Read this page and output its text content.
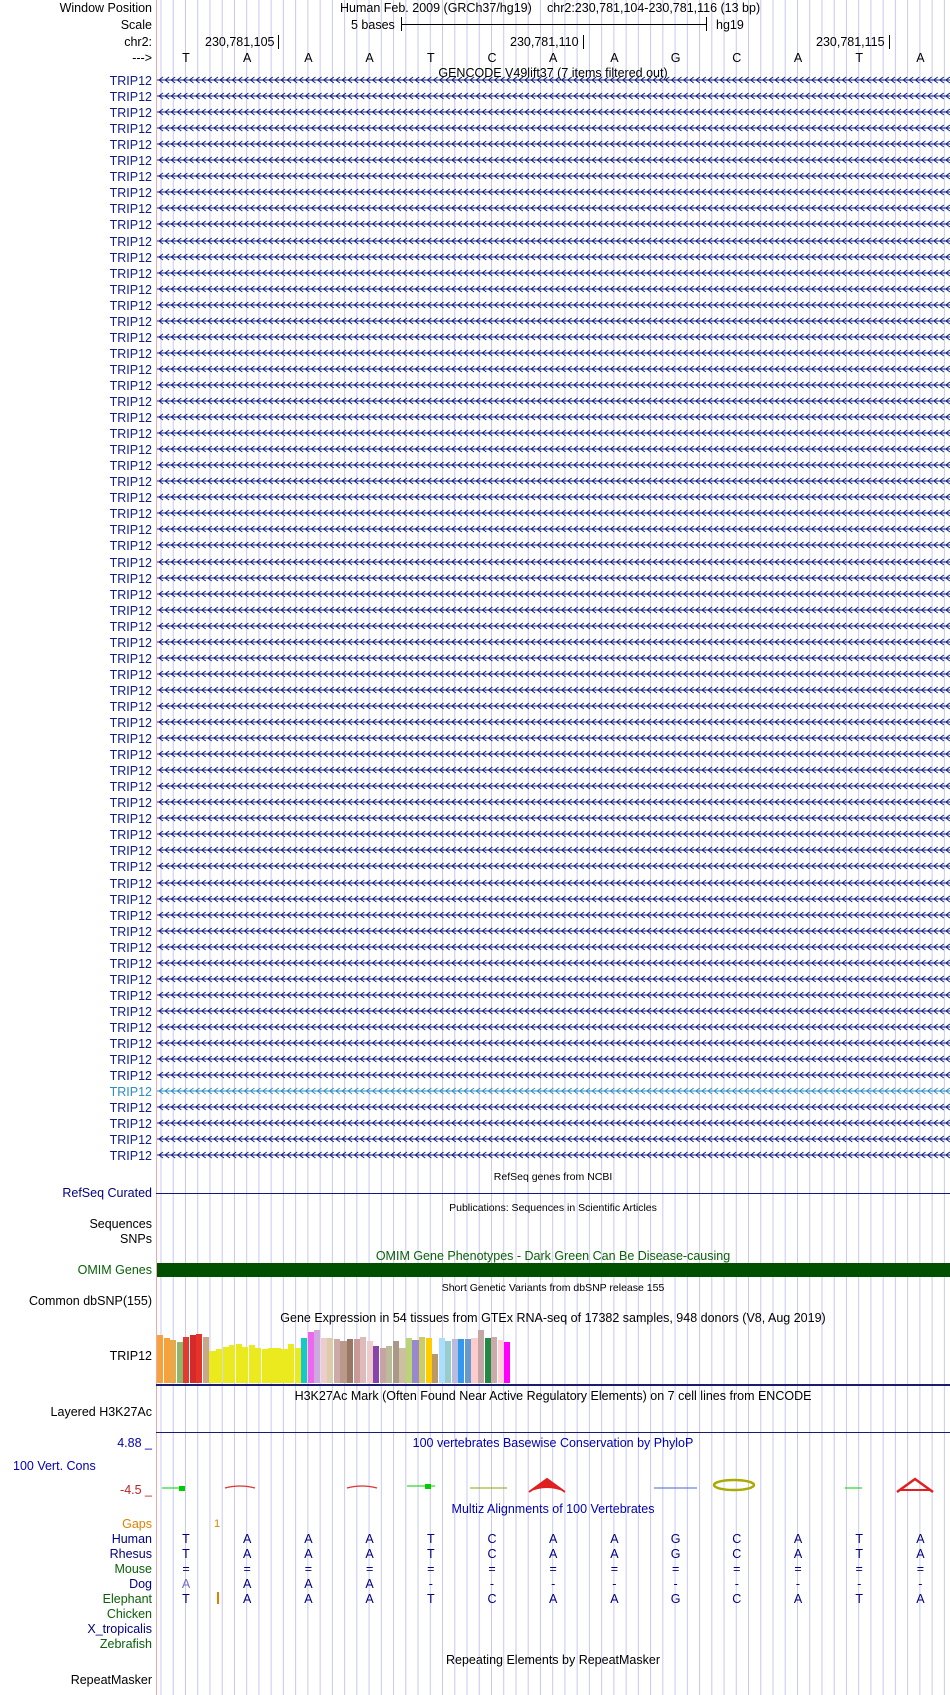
Window Position	Human Feb. 2009 (GRCh37/hg19) chr2:230,781,104-230,781,116 (13 bp)
Scale	5 bases	hg19
chr2:	230,781,105	230,781,110	230,781,115
--->
GENCODE V49lift37 (7 items filtered out)
RefSeq genes from NCBI
RefSeq Curated
Publications: Sequences in Scientific Articles
Sequences
SNPs
OMIM Gene Phenotypes - Dark Green Can Be Disease-causing
OMIM Genes
Short Genetic Variants from dbSNP release 155
Common dbSNP(155)
Gene Expression in 54 tissues from GTEx RNA-seq of 17382 samples, 948 donors (V8, Aug 2019)
TRIP12
H3K27Ac Mark (Often Found Near Active Regulatory Elements) on 7 cell lines from ENCODE
Layered H3K27Ac
4.88 _	100 vertebrates Basewise Conservation by PhyloP
100 Vert. Cons
-4.5 _
Multiz Alignments of 100 Vertebrates
Gaps	1
Repeating Elements by RepeatMasker
RepeatMasker
T	A	A	A	T	C	A	A	G	C	A	T	A
TRIP12
TRIP12
TRIP12
TRIP12
TRIP12
TRIP12
TRIP12
TRIP12
TRIP12
TRIP12
TRIP12
TRIP12
TRIP12
TRIP12
TRIP12
TRIP12
TRIP12
TRIP12
TRIP12
TRIP12
TRIP12
TRIP12
TRIP12
TRIP12
TRIP12
TRIP12
TRIP12
TRIP12
TRIP12
TRIP12
TRIP12
TRIP12
TRIP12
TRIP12
TRIP12
TRIP12
TRIP12
TRIP12
TRIP12
TRIP12
TRIP12
TRIP12
TRIP12
TRIP12
TRIP12
TRIP12
TRIP12
TRIP12
TRIP12
TRIP12
TRIP12
TRIP12
TRIP12
TRIP12
TRIP12
TRIP12
TRIP12
TRIP12
TRIP12
TRIP12
TRIP12
TRIP12
TRIP12
TRIP12
TRIP12
TRIP12
TRIP12
TRIP12
Human T	A	A	A	T	C	A	A	G	C	A	T	A
Rhesus T	A	A	A	T	C	A	A	G	C	A	T	A
Mouse =	=	=	=	=	=	=	=	=	=	=	=	=
Dog A	A	A	A	-	-	-	-	-	-	-	-	-
Elephant T	A	A	A	T	C	A	A	G	C	A	T	A
Chicken
X_tropicalis
Zebrafish
